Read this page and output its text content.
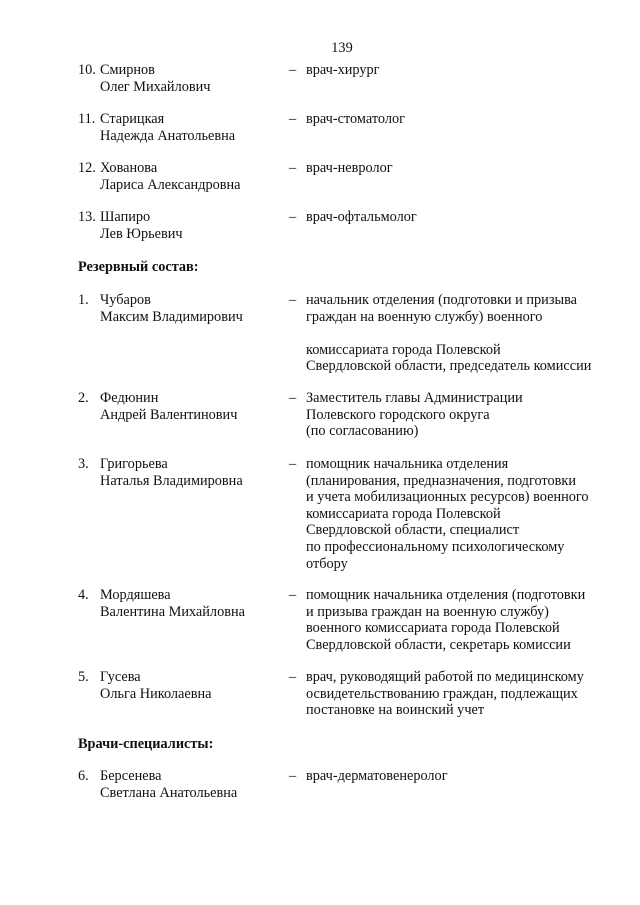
139
10. Смирнов
Олег Михайлович
– врач-хирург
11. Старицкая
Надежда Анатольевна
– врач-стоматолог
12. Хованова
Лариса Александровна
– врач-невролог
13. Шапиро
Лев Юрьевич
– врач-офтальмолог
Резервный состав:
1. Чубаров
Максим Владимирович
– начальник отделения (подготовки и призыва
граждан на военную службу) военного
комиссариата города Полевской
Свердловской области, председатель комиссии
2. Федюнин
Андрей Валентинович
– Заместитель главы Администрации
Полевского городского округа
(по согласованию)
3. Григорьева
Наталья Владимировна
– помощник начальника отделения
(планирования, предназначения, подготовки
и учета мобилизационных ресурсов) военного
комиссариата города Полевской
Свердловской области, специалист
по профессиональному психологическому
отбору
4. Мордяшева
Валентина Михайловна
– помощник начальника отделения (подготовки
и призыва граждан на военную службу)
военного комиссариата города Полевской
Свердловской области, секретарь комиссии
5. Гусева
Ольга Николаевна
– врач, руководящий работой по медицинскому
освидетельствованию граждан, подлежащих
постановке на воинский учет
Врачи-специалисты:
6. Берсенева
Светлана Анатольевна
– врач-дерматовенеролог
